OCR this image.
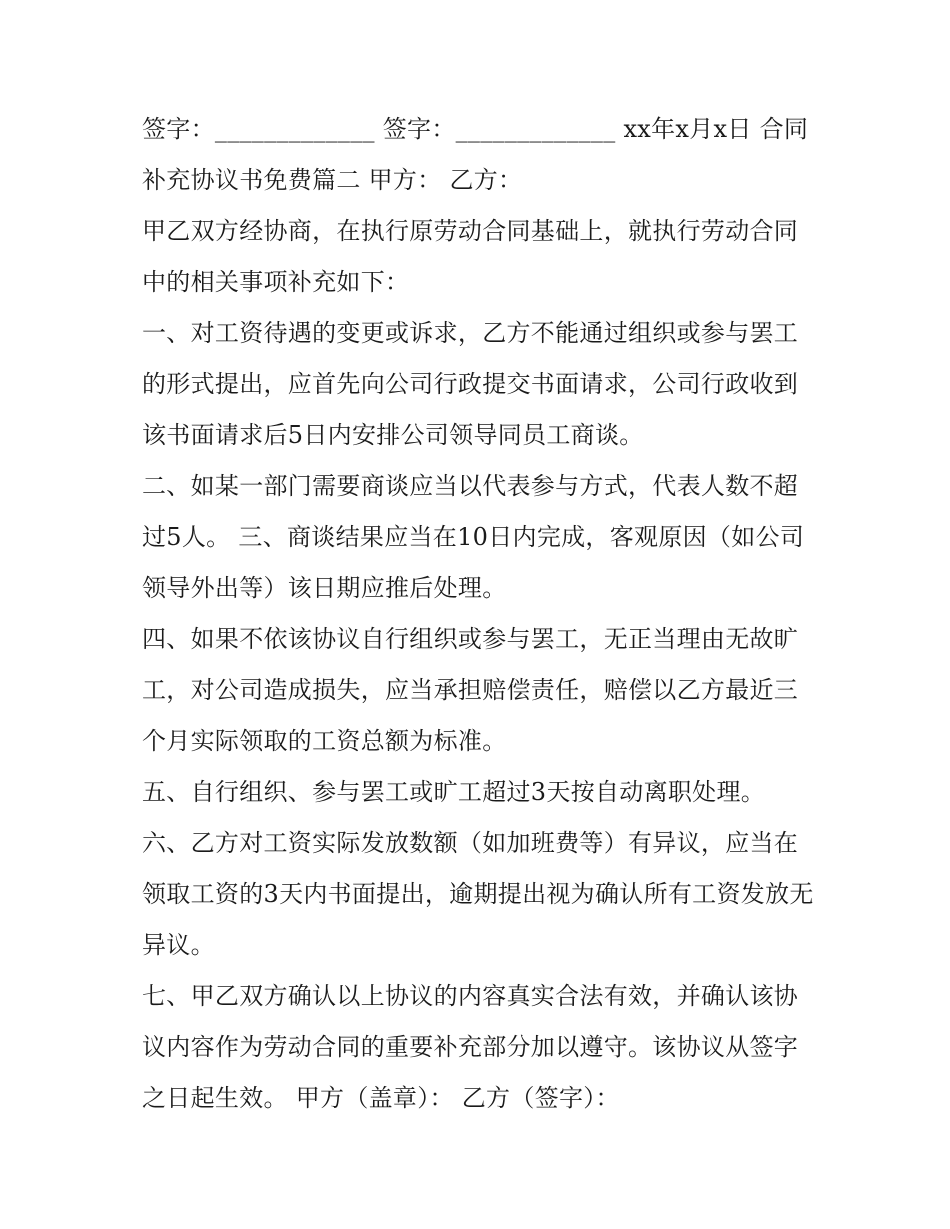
签字：_____________ 签字：_____________ xx年x月x日 合同补充协议书免费篇二 甲方： 乙方：

甲乙双方经协商，在执行原劳动合同基础上，就执行劳动合同中的相关事项补充如下：

一、对工资待遇的变更或诉求，乙方不能通过组织或参与罢工的形式提出，应首先向公司行政提交书面请求，公司行政收到该书面请求后5日内安排公司领导同员工商谈。

二、如某一部门需要商谈应当以代表参与方式，代表人数不超过5人。 三、商谈结果应当在10日内完成，客观原因（如公司领导外出等）该日期应推后处理。

四、如果不依该协议自行组织或参与罢工，无正当理由无故旷工，对公司造成损失，应当承担赔偿责任，赔偿以乙方最近三个月实际领取的工资总额为标准。

五、自行组织、参与罢工或旷工超过3天按自动离职处理。

六、乙方对工资实际发放数额（如加班费等）有异议，应当在领取工资的3天内书面提出，逾期提出视为确认所有工资发放无异议。

七、甲乙双方确认以上协议的内容真实合法有效，并确认该协议内容作为劳动合同的重要补充部分加以遵守。该协议从签字之日起生效。 甲方（盖章）： 乙方（签字）：
